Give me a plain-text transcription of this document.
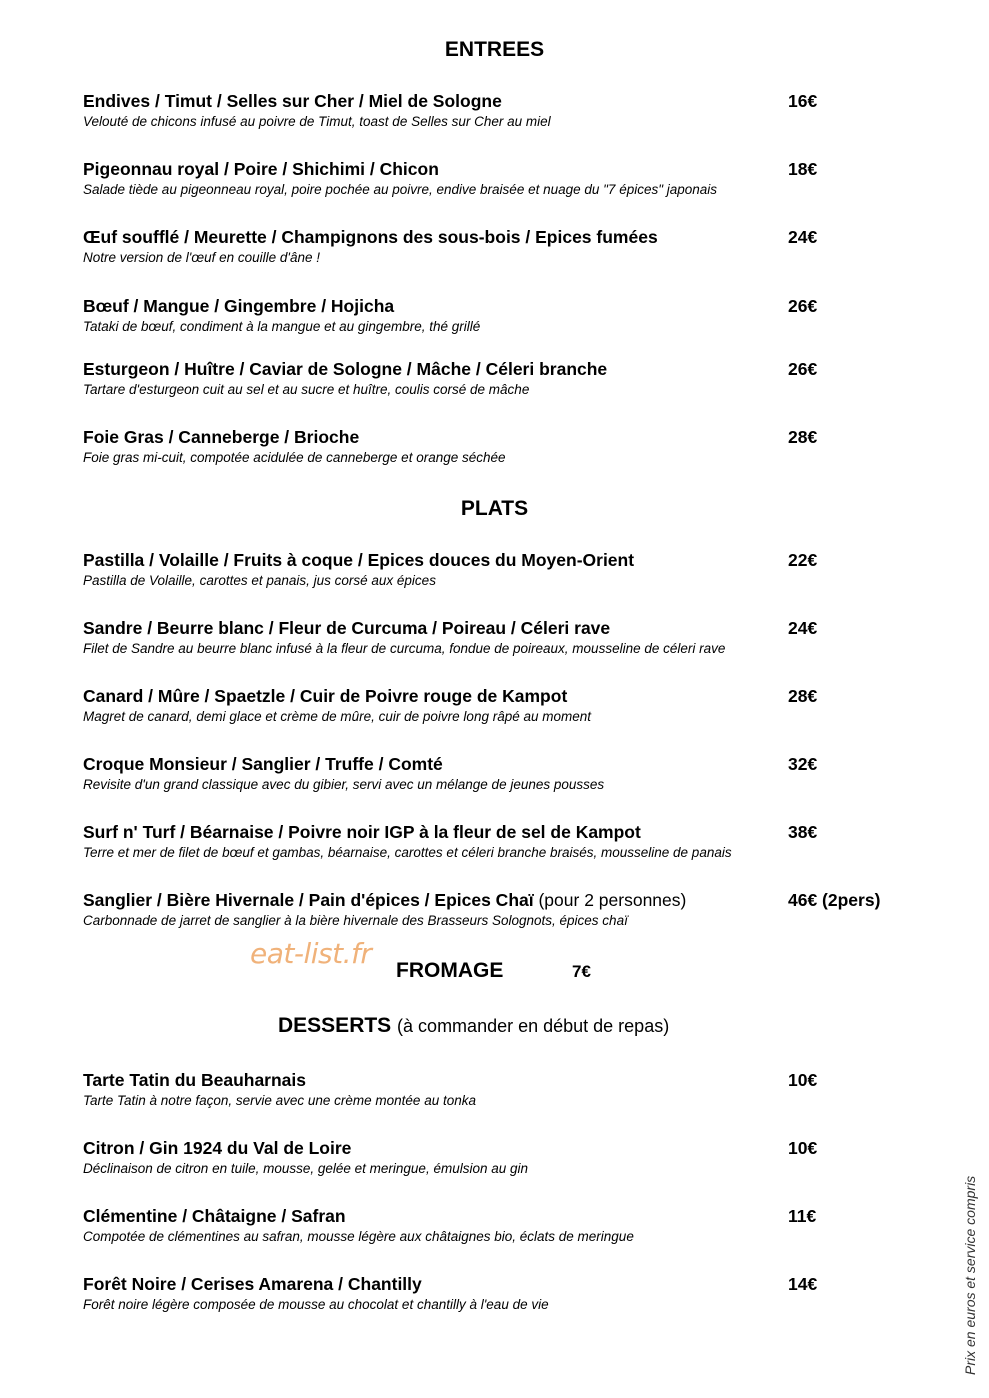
ENTREES
Endives / Timut / Selles sur Cher / Miel de Sologne
Velouté de chicons infusé au poivre de Timut, toast de Selles sur Cher au miel
16€
Pigeonnau royal / Poire / Shichimi / Chicon
Salade tiède au pigeonneau royal, poire pochée au poivre, endive braisée et nuage du "7 épices" japonais
18€
Œuf soufflé / Meurette / Champignons des sous-bois / Epices fumées
Notre version de l'œuf en couille d'âne !
24€
Bœuf / Mangue / Gingembre / Hojicha
Tataki de bœuf, condiment à la mangue et au gingembre, thé grillé
26€
Esturgeon / Huître / Caviar de Sologne / Mâche / Céleri branche
Tartare d'esturgeon cuit au sel et au sucre et huître, coulis corsé de mâche
26€
Foie Gras / Canneberge / Brioche
Foie gras mi-cuit, compotée acidulée de canneberge et orange séchée
28€
PLATS
Pastilla / Volaille / Fruits à coque / Epices douces du Moyen-Orient
Pastilla de Volaille, carottes et panais, jus corsé aux épices
22€
Sandre / Beurre blanc / Fleur de Curcuma / Poireau / Céleri rave
Filet de Sandre au beurre blanc infusé à la fleur de curcuma, fondue de poireaux, mousseline de céleri rave
24€
Canard / Mûre / Spaetzle / Cuir de Poivre rouge de Kampot
Magret de canard, demi glace et crème de mûre, cuir de poivre long râpé au moment
28€
Croque Monsieur / Sanglier / Truffe / Comté
Revisite d'un grand classique avec du gibier, servi avec un mélange de jeunes pousses
32€
Surf n' Turf / Béarnaise / Poivre noir IGP à la fleur de sel de Kampot
Terre et mer de filet de bœuf et gambas, béarnaise, carottes et céleri branche braisés, mousseline de panais
38€
Sanglier / Bière Hivernale / Pain d'épices / Epices Chaï (pour 2 personnes)
Carbonnade de jarret de sanglier à la bière hivernale des Brasseurs Solognots, épices chaï
46€ (2pers)
eat-list.fr
FROMAGE	7€
DESSERTS (à commander en début de repas)
Tarte Tatin du Beauharnais
Tarte Tatin à notre façon, servie avec une crème montée au tonka
10€
Citron / Gin 1924 du Val de Loire
Déclinaison de citron en tuile, mousse, gelée et meringue, émulsion au gin
10€
Clémentine / Châtaigne / Safran
Compotée de clémentines au safran, mousse légère aux châtaignes bio, éclats de meringue
11€
Forêt Noire / Cerises Amarena / Chantilly
Forêt noire légère composée de mousse au chocolat et chantilly à l'eau de vie
14€	Prix en euros et service compris
